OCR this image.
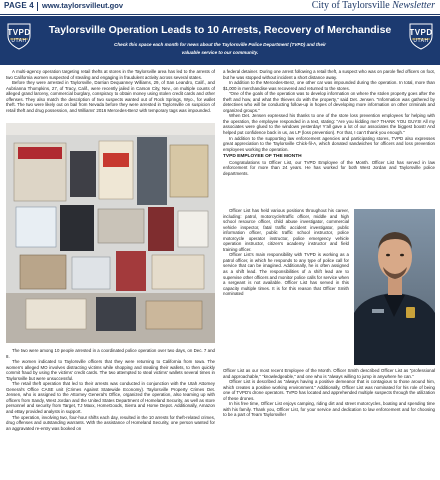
PAGE 4 www.taylorsvilleut.gov	City of Taylorsville Newsletter
TVPD
UTAH
TVPD
UTAH
Taylorsville Operation Leads to 10 Arrests, Recovery of Merchandise
Check this space each month for news about the Taylorsville Police Department (TVPD) and their valuable service to our community.

A multi-agency operation targeting retail thefts at stores in the Taylorsville area has led to the arrests of two California women suspected of stealing and engaging in fraudulent activity across several states.

Before they were arrested in Taylorsville, Darrian Dequanney Williams, 29, of San Leandro, Calif., and Aubrianna Thompkins, 27, of Tracy, Calif., were recently jailed in Carson City, Nev., on multiple counts of alleged grand larceny, commercial burglary, conspiracy to obtain money using stolen credit cards and other offenses. They also match the description of two suspects wanted out of Rock Springs, Wyo., for wallet theft. The two were likely out on bail from Nevada before they were arrested in Taylorsville on suspicion of retail theft and drug possession, and Williams' 2016 Mercedes-Benz with temporary tags was impounded.

The two were among 10 people arrested in a coordinated police operation over two days, on Dec. 7 and 8.

The women indicated to Taylorsville officers that they were returning to California from Iowa. The women's alleged MO involves distracting victims while shopping and stealing their wallets, to then quickly commit fraud by using the victims' credit cards. The two attempted to steal victims' wallets several times in Taylorsville but were unsuccessful.

The retail theft operation that led to their arrests was conducted in conjunction with the Utah Attorney General's Office CASE unit (Crimes Against Statewide Economy). Taylorsville Property Crimes Det. Jensen, who is assigned to the Attorney General's Office, organized the operation, also teaming up with officers from Sandy, West Jordan and the United States Department of Homeland Security, as well as store personnel and security from Target, TJ Maxx, HomeGoods, Sierra and Home Depot. Additionally, Amazon and eBay provided analysts in support.

The operation, involving two, four-hour shifts each day, resulted in the 10 arrests for theft-related crimes, drug offenses and outstanding warrants. With the assistance of Homeland Security, one person wanted for an aggravated re-entry was booked on

a federal detainer. During one arrest following a retail theft, a suspect who was on parole fled officers on foot, but he was stopped without incident a short distance away.

In addition to the Mercedes-Benz, one other car was impounded during the operation. In total, more than $1,000 in merchandise was recovered and returned to the stores.

"One of the goals of the operation was to develop information on where the stolen property goes after the theft and how, and what the thieves do with the property," said Det. Jensen. "Information was gathered by detectives who will be conducting follow-up in hopes of developing more information on other criminals and organized groups."

When Det. Jensen expressed his thanks to one of the store loss prevention employees for helping with the operation, the employee responded in a text, stating: "Are you kidding me? THANK YOU GUYS! All my associates were glued to the windows yesterday! Y'all gave a lot of our associates the biggest boost! And helped put confidence back in us, as LP (loss prevention). For that, I can't thank you enough."

In addition to the supporting law enforcement agencies and participating stores, TVPD also expresses great appreciation to the Taylorsville Chick-fil-A, which donated sandwiches for officers and loss prevention employees working the operation.

TVPD EMPLOYEE OF THE MONTH

Congratulations to Officer List, our TVPD Employee of the Month. Officer List has served in law enforcement for more than 24 years. He has worked for both West Jordan and Taylorsville police departments.

Officer List has held various positions throughout his career, including: patrol, motorcycle/traffic officer, middle and high school resource officer, child abuse investigator, commercial vehicle inspector, fatal traffic accident investigator, public information officer, public traffic school instructor, police motorcycle operator instructor, police emergency vehicle operation instructor, citizen's academy instructor and field training officer.

Officer List's main responsibility with TVPD is working as a patrol officer, in which he responds to any type of police call for service that can be imagined. Additionally, he is often assigned as a shift lead. The responsibilities of a shift lead are to supervise other officers and monitor police calls for service when a sergeant is not available. Officer List has served in this capacity multiple times. It is for this reason that Officer Smith nominated

Officer List as our most recent Employee of the Month. Officer Smith described Officer List as "professional and approachable," "knowledgeable," and one who is "always willing to jump in anywhere he can."

Officer List is described as "always having a positive demeanor that is contagious to those around him, which creates a positive working environment." Additionally, Officer List was nominated for his role of being one of TVPD's drone operators. TVPD has located and apprehended multiple suspects through the utilization of these drones.

In his free time, Officer List enjoys camping, riding dirt and street motorcycles, boating and spending time with his family. Thank you, Officer List, for your service and dedication to law enforcement and for choosing to be a part of Team Taylorsville!
